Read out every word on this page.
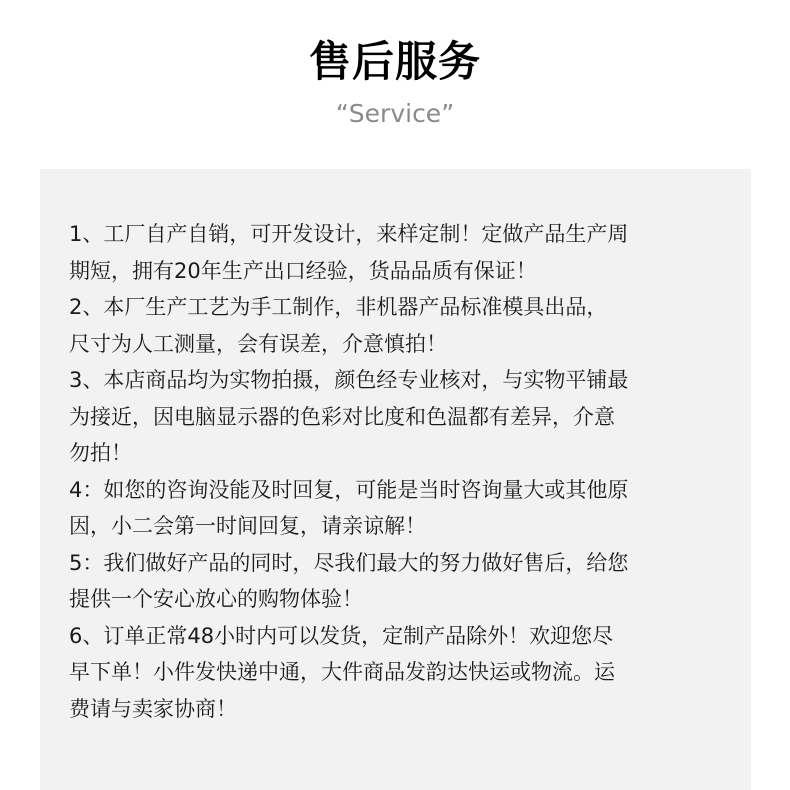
售后服务
“Service”

1、工厂自产自销，可开发设计，来样定制！定做产品生产周
期短，拥有20年生产出口经验，货品品质有保证！

2、本厂生产工艺为手工制作，非机器产品标准模具出品，
尺寸为人工测量，会有误差，介意慎拍！

3、本店商品均为实物拍摄，颜色经专业核对，与实物平铺最
为接近，因电脑显示器的色彩对比度和色温都有差异，介意
勿拍！

4：如您的咨询没能及时回复，可能是当时咨询量大或其他原
因，小二会第一时间回复，请亲谅解！

5：我们做好产品的同时，尽我们最大的努力做好售后，给您
提供一个安心放心的购物体验！

6、订单正常48小时内可以发货，定制产品除外！欢迎您尽
早下单！小件发快递中通，大件商品发韵达快运或物流。运
费请与卖家协商！
